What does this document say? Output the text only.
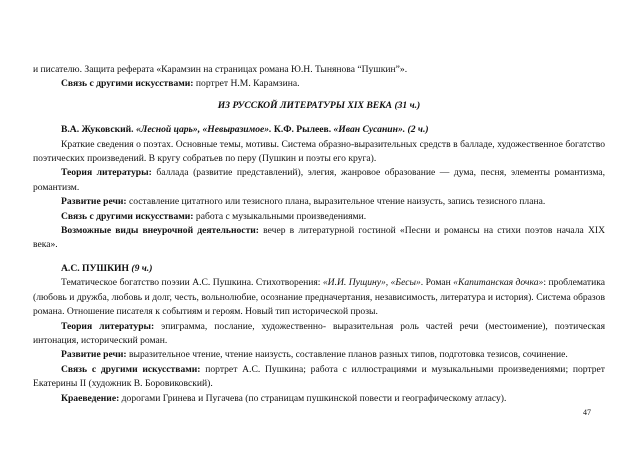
и писателю. Защита реферата «Карамзин на страницах романа Ю.Н. Тынянова “Пушкин”».

Связь с другими искусствами: портрет Н.М. Карамзина.

ИЗ РУССКОЙ ЛИТЕРАТУРЫ XIX ВЕКА (31 ч.)

В.А. Жуковский. «Лесной царь», «Невыразимое». К.Ф. Рылеев. «Иван Сусанин». (2 ч.)

Краткие сведения о поэтах. Основные темы, мотивы. Система образно-выразительных средств в балладе, художественное богатство поэтических произведений. В кругу собратьев по перу (Пушкин и поэты его круга).

Теория литературы: баллада (развитие представлений), элегия, жанровое образование — дума, песня, элементы романтизма, романтизм.

Развитие речи: составление цитатного или тезисного плана, выразительное чтение наизусть, запись тезисного плана.

Связь с другими искусствами: работа с музыкальными произведениями.

Возможные виды внеурочной деятельности: вечер в литературной гостиной «Песни и романсы на стихи поэтов начала XIX века».

А.С. ПУШКИН (9 ч.)

Тематическое богатство поэзии А.С. Пушкина. Стихотворения: «И.И. Пущину», «Бесы». Роман «Капитанская дочка»: проблематика (любовь и дружба, любовь и долг, честь, вольнолюбие, осознание предначертания, независимость, литература и история). Система образов романа. Отношение писателя к событиям и героям. Новый тип исторической прозы.

Теория литературы: эпиграмма, послание, художественно- выразительная роль частей речи (местоимение), поэтическая интонация, исторический роман.

Развитие речи: выразительное чтение, чтение наизусть, составление планов разных типов, подготовка тезисов, сочинение.

Связь с другими искусствами: портрет А.С. Пушкина; работа с иллюстрациями и музыкальными произведениями; портрет Екатерины II (художник В. Боровиковский).

Краеведение: дорогами Гринева и Пугачева (по страницам пушкинской повести и географическому атласу).

47
